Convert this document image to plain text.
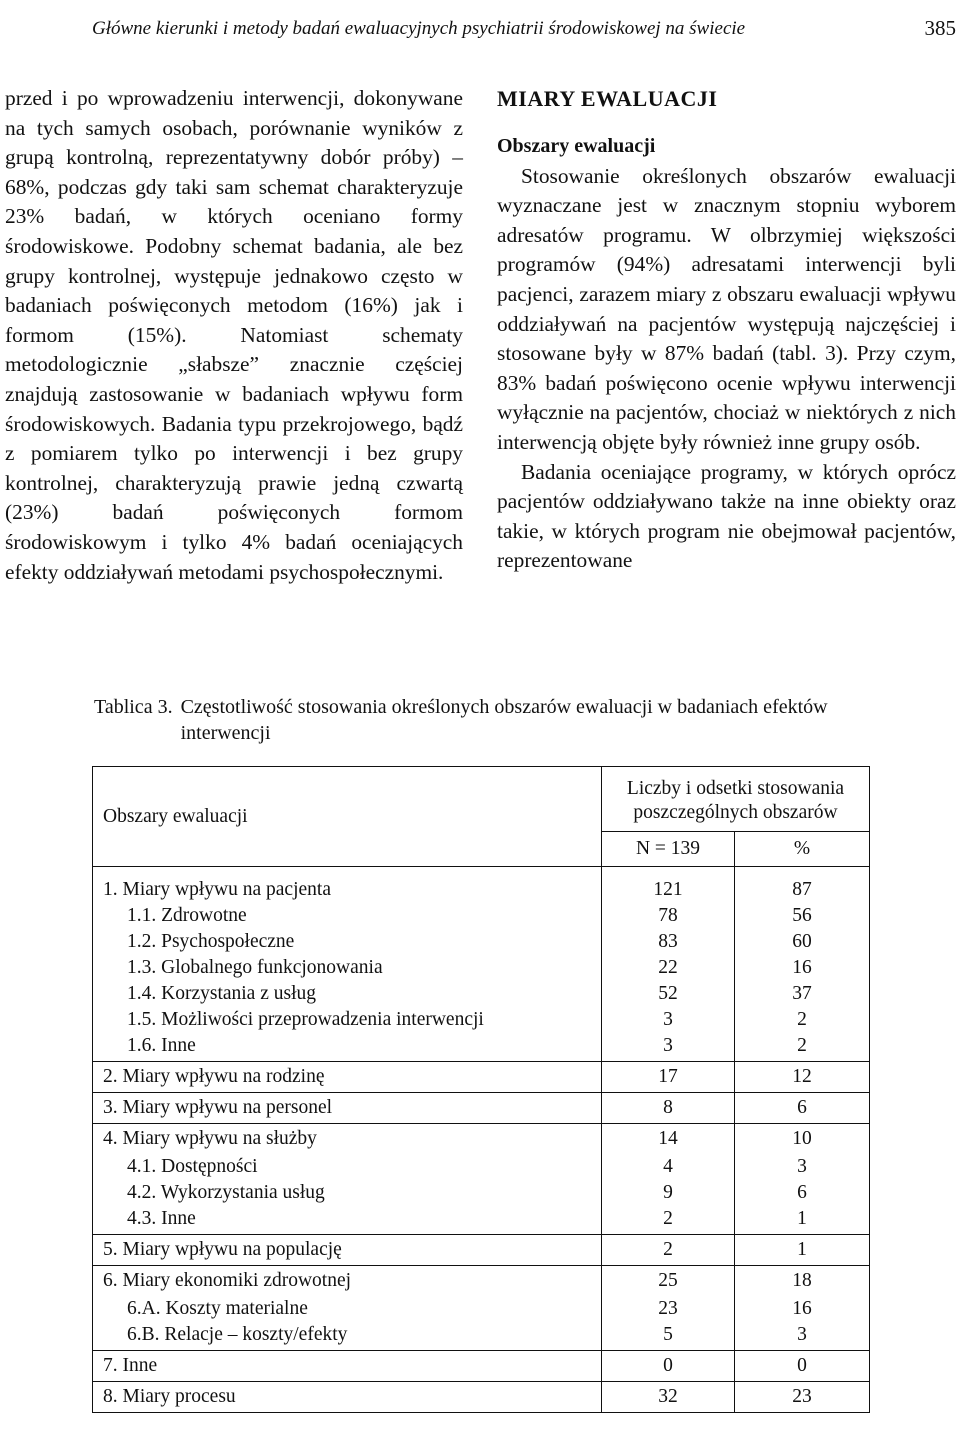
Główne kierunki i metody badań ewaluacyjnych psychiatrii środowiskowej na świecie	385

przed i po wprowadzeniu interwencji, dokonywane na tych samych osobach, porównanie wyników z grupą kontrolną, reprezentatywny dobór próby) – 68%, podczas gdy taki sam schemat charakteryzuje 23% badań, w których oceniano formy środowiskowe. Podobny schemat badania, ale bez grupy kontrolnej, występuje jednakowo często w badaniach poświęconych metodom (16%) jak i formom (15%). Natomiast schematy metodologicznie „słabsze” znacznie częściej znajdują zastosowanie w badaniach wpływu form środowiskowych. Badania typu przekrojowego, bądź z pomiarem tylko po interwencji i bez grupy kontrolnej, charakteryzują prawie jedną czwartą (23%) badań poświęconych formom środowiskowym i tylko 4% badań oceniających efekty oddziaływań metodami psychospołecznymi.

MIARY EWALUACJI
Obszary ewaluacji

Stosowanie określonych obszarów ewaluacji wyznaczane jest w znacznym stopniu wyborem adresatów programu. W olbrzymiej większości programów (94%) adresatami interwencji byli pacjenci, zarazem miary z obszaru ewaluacji wpływu oddziaływań na pacjentów występują najczęściej i stosowane były w 87% badań (tabl. 3). Przy czym, 83% badań poświęcono ocenie wpływu interwencji wyłącznie na pacjentów, chociaż w niektórych z nich interwencją objęte były również inne grupy osób.

Badania oceniające programy, w których oprócz pacjentów oddziaływano także na inne obiekty oraz takie, w których program nie obejmował pacjentów, reprezentowane

Tablica 3. Częstotliwość stosowania określonych obszarów ewaluacji w badaniach efektów interwencji
Obszary ewaluacji	Liczby i odsetki stosowania poszczególnych obszarów	
	N = 139	%
1. Miary wpływu na pacjenta	121	87
1.1. Zdrowotne	78	56
1.2. Psychospołeczne	83	60
1.3. Globalnego funkcjonowania	22	16
1.4. Korzystania z usług	52	37
1.5. Możliwości przeprowadzenia interwencji	3	2
1.6. Inne	3	2
2. Miary wpływu na rodzinę	17	12
3. Miary wpływu na personel	8	6
4. Miary wpływu na służby	14	10
4.1. Dostępności	4	3
4.2. Wykorzystania usług	9	6
4.3. Inne	2	1
5. Miary wpływu na populację	2	1
6. Miary ekonomiki zdrowotnej	25	18
6.A. Koszty materialne	23	16
6.B. Relacje – koszty/efekty	5	3
7. Inne	0	0
8. Miary procesu	32	23
